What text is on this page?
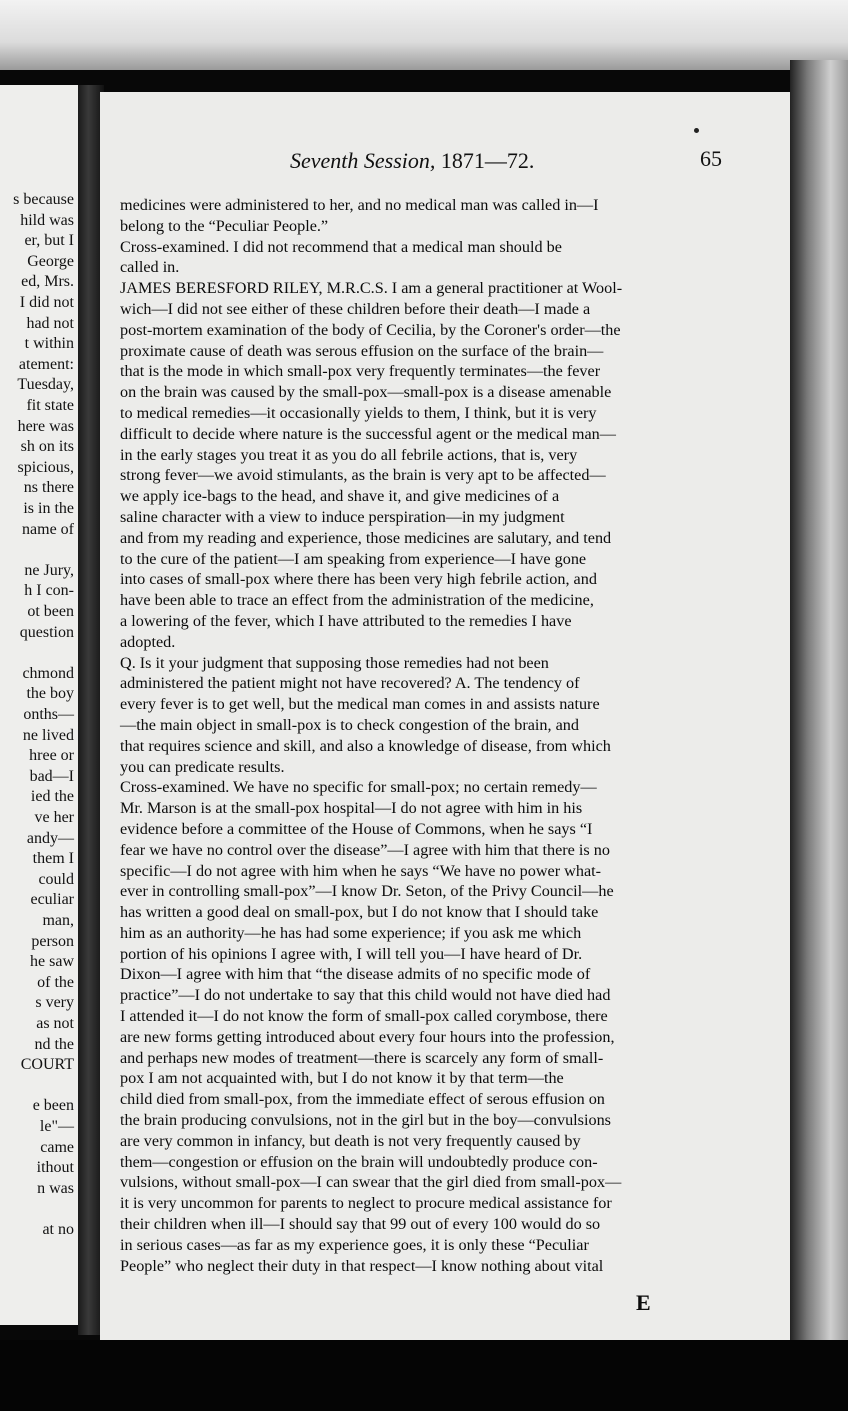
s because
hild was
er, but I
George
ed, Mrs.
I did not
had not
t within
atement:
Tuesday,
fit state
here was
sh on its
spicious,
ns there
is in the
name of
ne Jury,
h I con-
ot been
question
chmond
the boy
onths—
ne lived
hree or
bad—I
ied the
ve her
andy—
them I
could
eculiar
man,
person
he saw
of the
s very
as not
nd the
COURT
e been
le"—
came
ithout
n was
at no
Seventh Session, 1871—72.	65
medicines were administered to her, and no medical man was called in—I
belong to the “Peculiar People.”
Cross-examined. I did not recommend that a medical man should be
called in.
JAMES BERESFORD RILEY, M.R.C.S. I am a general practitioner at Wool-
wich—I did not see either of these children before their death—I made a
post-mortem examination of the body of Cecilia, by the Coroner's order—the
proximate cause of death was serous effusion on the surface of the brain—
that is the mode in which small-pox very frequently terminates—the fever
on the brain was caused by the small-pox—small-pox is a disease amenable
to medical remedies—it occasionally yields to them, I think, but it is very
difficult to decide where nature is the successful agent or the medical man—
in the early stages you treat it as you do all febrile actions, that is, very
strong fever—we avoid stimulants, as the brain is very apt to be affected—
we apply ice-bags to the head, and shave it, and give medicines of a
saline character with a view to induce perspiration—in my judgment
and from my reading and experience, those medicines are salutary, and tend
to the cure of the patient—I am speaking from experience—I have gone
into cases of small-pox where there has been very high febrile action, and
have been able to trace an effect from the administration of the medicine,
a lowering of the fever, which I have attributed to the remedies I have
adopted.
Q. Is it your judgment that supposing those remedies had not been
administered the patient might not have recovered? A. The tendency of
every fever is to get well, but the medical man comes in and assists nature
—the main object in small-pox is to check congestion of the brain, and
that requires science and skill, and also a knowledge of disease, from which
you can predicate results.
Cross-examined. We have no specific for small-pox; no certain remedy—
Mr. Marson is at the small-pox hospital—I do not agree with him in his
evidence before a committee of the House of Commons, when he says “I
fear we have no control over the disease”—I agree with him that there is no
specific—I do not agree with him when he says “We have no power what-
ever in controlling small-pox”—I know Dr. Seton, of the Privy Council—he
has written a good deal on small-pox, but I do not know that I should take
him as an authority—he has had some experience; if you ask me which
portion of his opinions I agree with, I will tell you—I have heard of Dr.
Dixon—I agree with him that “the disease admits of no specific mode of
practice”—I do not undertake to say that this child would not have died had
I attended it—I do not know the form of small-pox called corymbose, there
are new forms getting introduced about every four hours into the profession,
and perhaps new modes of treatment—there is scarcely any form of small-
pox I am not acquainted with, but I do not know it by that term—the
child died from small-pox, from the immediate effect of serous effusion on
the brain producing convulsions, not in the girl but in the boy—convulsions
are very common in infancy, but death is not very frequently caused by
them—congestion or effusion on the brain will undoubtedly produce con-
vulsions, without small-pox—I can swear that the girl died from small-pox—
it is very uncommon for parents to neglect to procure medical assistance for
their children when ill—I should say that 99 out of every 100 would do so
in serious cases—as far as my experience goes, it is only these “Peculiar
People” who neglect their duty in that respect—I know nothing about vital
E
